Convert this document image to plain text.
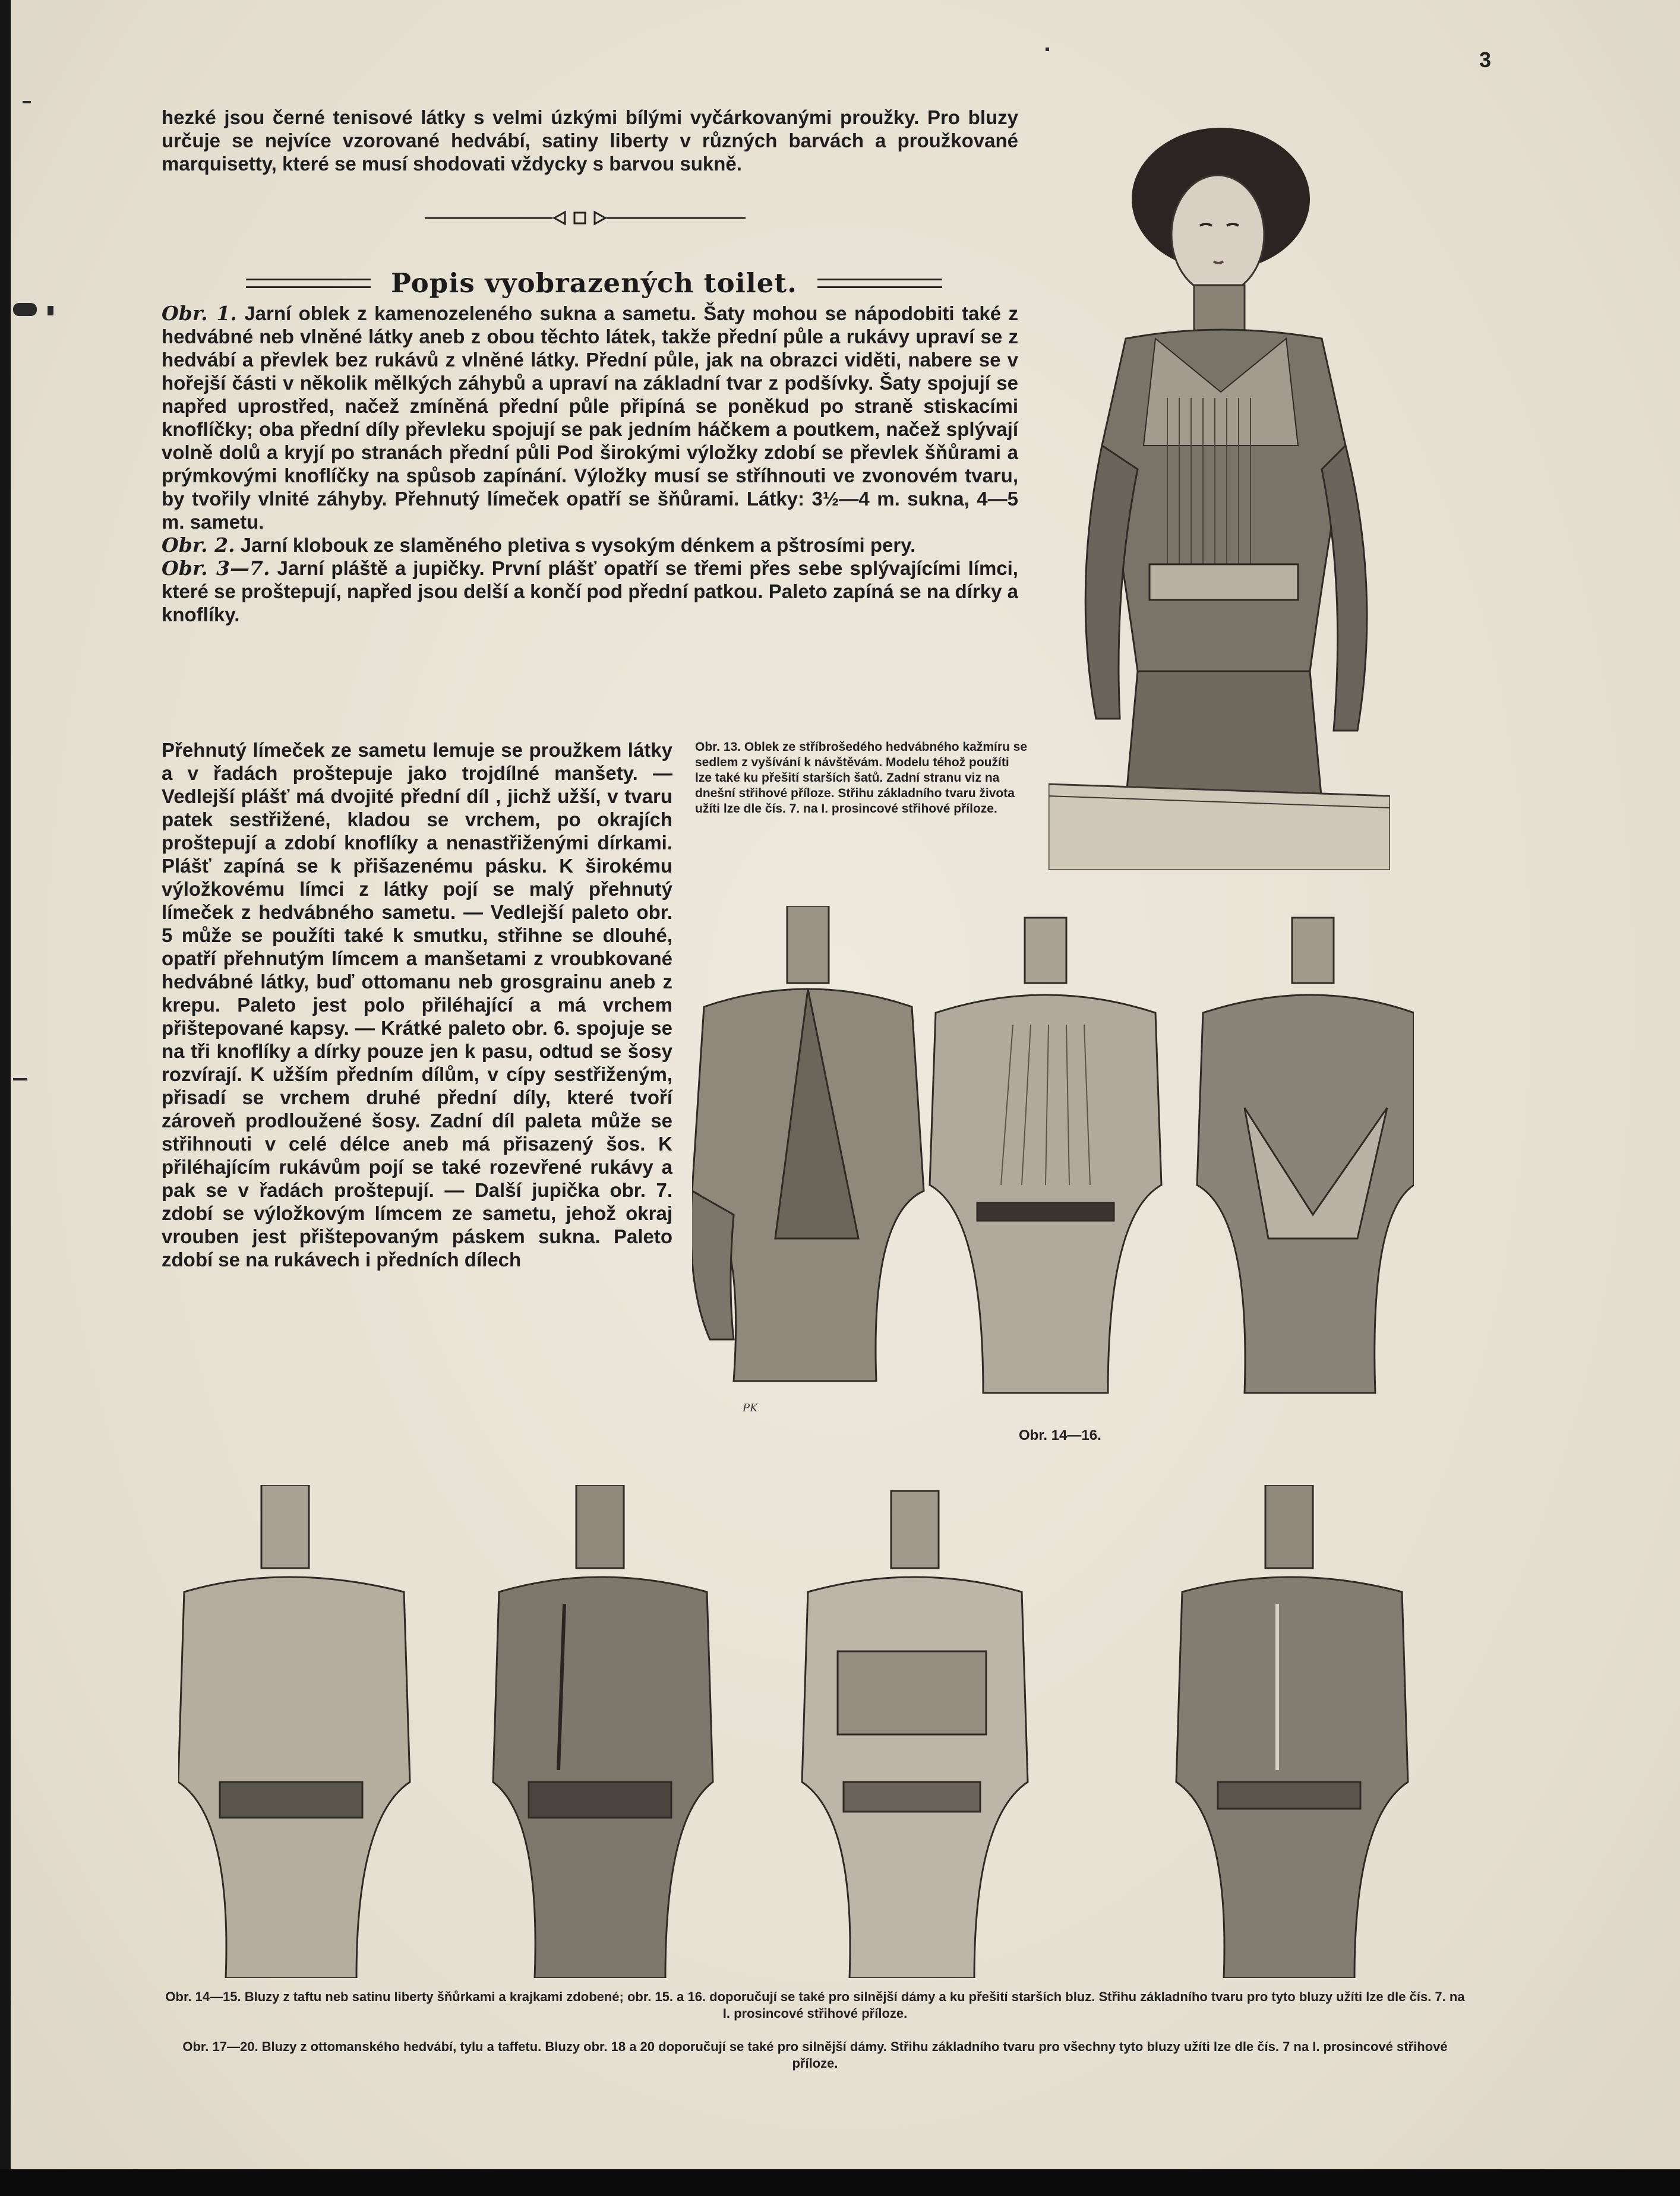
3
hezké jsou černé tenisové látky s velmi úzkými bílými vyčárkovanými proužky. Pro bluzy určuje se nejvíce vzorované hedvábí, satiny liberty v různých barvách a proužkované marquisetty, které se musí shodovati vždycky s barvou sukně.
Popis vyobrazených toilet.

Obr. 1. Jarní oblek z kamenozeleného sukna a sametu. Šaty mohou se nápodobiti také z hedvábné neb vlněné látky aneb z obou těchto látek, takže přední půle a rukávy upraví se z hedvábí a převlek bez rukávů z vlněné látky. Přední půle, jak na obrazci viděti, nabere se v hořejší části v několik mělkých záhybů a upraví na základní tvar z podšívky. Šaty spojují se napřed uprostřed, načež zmíněná přední půle připíná se poněkud po straně stiskacími knoflíčky; oba přední díly převleku spojují se pak jedním háčkem a poutkem, načež splývají volně dolů a kryjí po stranách přední půli Pod širokými výložky zdobí se převlek šňůrami a prýmkovými knoflíčky na spůsob zapínání. Výložky musí se stříhnouti ve zvonovém tvaru, by tvořily vlnité záhyby. Přehnutý límeček opatří se šňůrami. Látky: 3½—4 m. sukna, 4—5 m. sametu.

Obr. 2. Jarní klobouk ze slaměného pletiva s vysokým dénkem a pštrosími pery.

Obr. 3—7. Jarní pláště a jupičky. První plášť opatří se třemi přes sebe splývajícími límci, které se proštepují, napřed jsou delší a končí pod přední patkou. Paleto zapíná se na dírky a knoflíky.

Přehnutý límeček ze sametu lemuje se proužkem látky a v řadách proštepuje jako trojdílné manšety. — Vedlejší plášť má dvojité přední díl , jichž užší, v tvaru patek sestřižené, kladou se vrchem, po okrajích proštepují a zdobí knoflíky a nenastřiženými dírkami. Plášť zapíná se k přišazenému pásku. K širokému výložkovému límci z látky pojí se malý přehnutý límeček z hedvábného sametu. — Vedlejší paleto obr. 5 může se použíti také k smutku, střihne se dlouhé, opatří přehnutým límcem a manšetami z vroubkované hedvábné látky, buď ottomanu neb grosgrainu aneb z krepu. Paleto jest polo přiléhající a má vrchem přištepované kapsy. — Krátké paleto obr. 6. spojuje se na tři knoflíky a dírky pouze jen k pasu, odtud se šosy rozvírají. K užším předním dílům, v cípy sestřiženým, přisadí se vrchem druhé přední díly, které tvoří zároveň prodloužené šosy. Zadní díl paleta může se střihnouti v celé délce aneb má přisazený šos. K přiléhajícím rukávům pojí se také rozevřené rukávy a pak se v řadách proštepují. — Další jupička obr. 7. zdobí se výložkovým límcem ze sametu, jehož okraj vrouben jest přištepovaným páskem sukna. Paleto zdobí se na rukávech i předních dílech

Obr. 13. Oblek ze stříbrošedého hedvábného kažmíru se sedlem z vyšívání k návštěvám. Modelu téhož použíti lze také ku přešití starších šatů. Zadní stranu viz na dnešní střihové příloze. Střihu základního tvaru života užíti lze dle čís. 7. na I. prosincové střihové příloze.
PK
Obr. 14—16.
Obr. 14—15. Bluzy z taftu neb satinu liberty šňůrkami a krajkami zdobené; obr. 15. a 16. doporučují se také pro silnější dámy a ku přešití starších bluz. Střihu základního tvaru pro tyto bluzy užíti lze dle čís. 7. na I. prosincové střihové příloze.
Obr. 17—20. Bluzy z ottomanského hedvábí, tylu a taffetu. Bluzy obr. 18 a 20 doporučují se také pro silnější dámy. Střihu základního tvaru pro všechny tyto bluzy užíti lze dle čís. 7 na I. prosincové střihové příloze.
